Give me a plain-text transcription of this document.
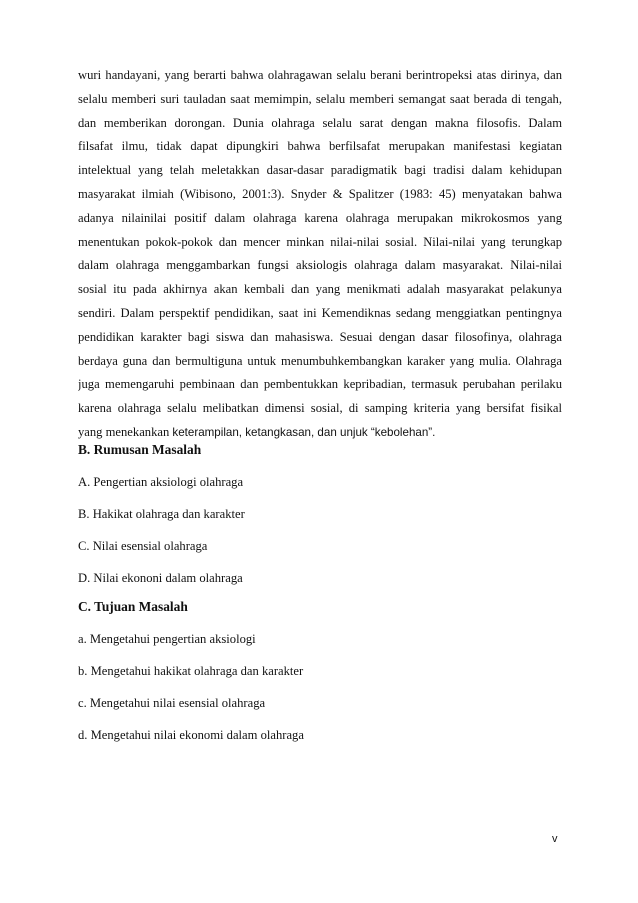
wuri handayani, yang berarti bahwa olahragawan selalu berani berintropeksi atas dirinya, dan
selalu memberi suri tauladan saat memimpin, selalu memberi semangat saat berada di tengah,
dan memberikan dorongan. Dunia olahraga selalu sarat dengan makna filosofis. Dalam
filsafat ilmu, tidak dapat dipungkiri bahwa berfilsafat merupakan manifestasi kegiatan
intelektual yang telah meletakkan dasar-dasar paradigmatik bagi tradisi dalam kehidupan
masyarakat ilmiah (Wibisono, 2001:3). Snyder & Spalitzer (1983: 45) menyatakan bahwa
adanya nilainilai positif dalam olahraga karena olahraga merupakan mikrokosmos yang
menentukan pokok-pokok dan mencer minkan nilai-nilai sosial. Nilai-nilai yang terungkap
dalam olahraga menggambarkan fungsi aksiologis olahraga dalam masyarakat. Nilai-nilai
sosial itu pada akhirnya akan kembali dan yang menikmati adalah masyarakat pelakunya
sendiri. Dalam perspektif pendidikan, saat ini Kemendiknas sedang menggiatkan pentingnya
pendidikan karakter bagi siswa dan mahasiswa. Sesuai dengan dasar filosofinya, olahraga
berdaya guna dan bermultiguna untuk menumbuhkembangkan karaker yang mulia. Olahraga
juga memengaruhi pembinaan dan pembentukkan kepribadian, termasuk perubahan perilaku
karena olahraga selalu melibatkan dimensi sosial, di samping kriteria yang bersifat fisikal
yang menekankan keterampilan, ketangkasan, dan unjuk “kebolehan”.
B. Rumusan Masalah
A. Pengertian aksiologi olahraga
B. Hakikat olahraga dan karakter
C. Nilai esensial olahraga
D. Nilai ekononi dalam olahraga
C. Tujuan Masalah
a. Mengetahui pengertian aksiologi
b. Mengetahui hakikat olahraga dan karakter
c. Mengetahui nilai esensial olahraga
d. Mengetahui nilai ekonomi dalam olahraga
v
